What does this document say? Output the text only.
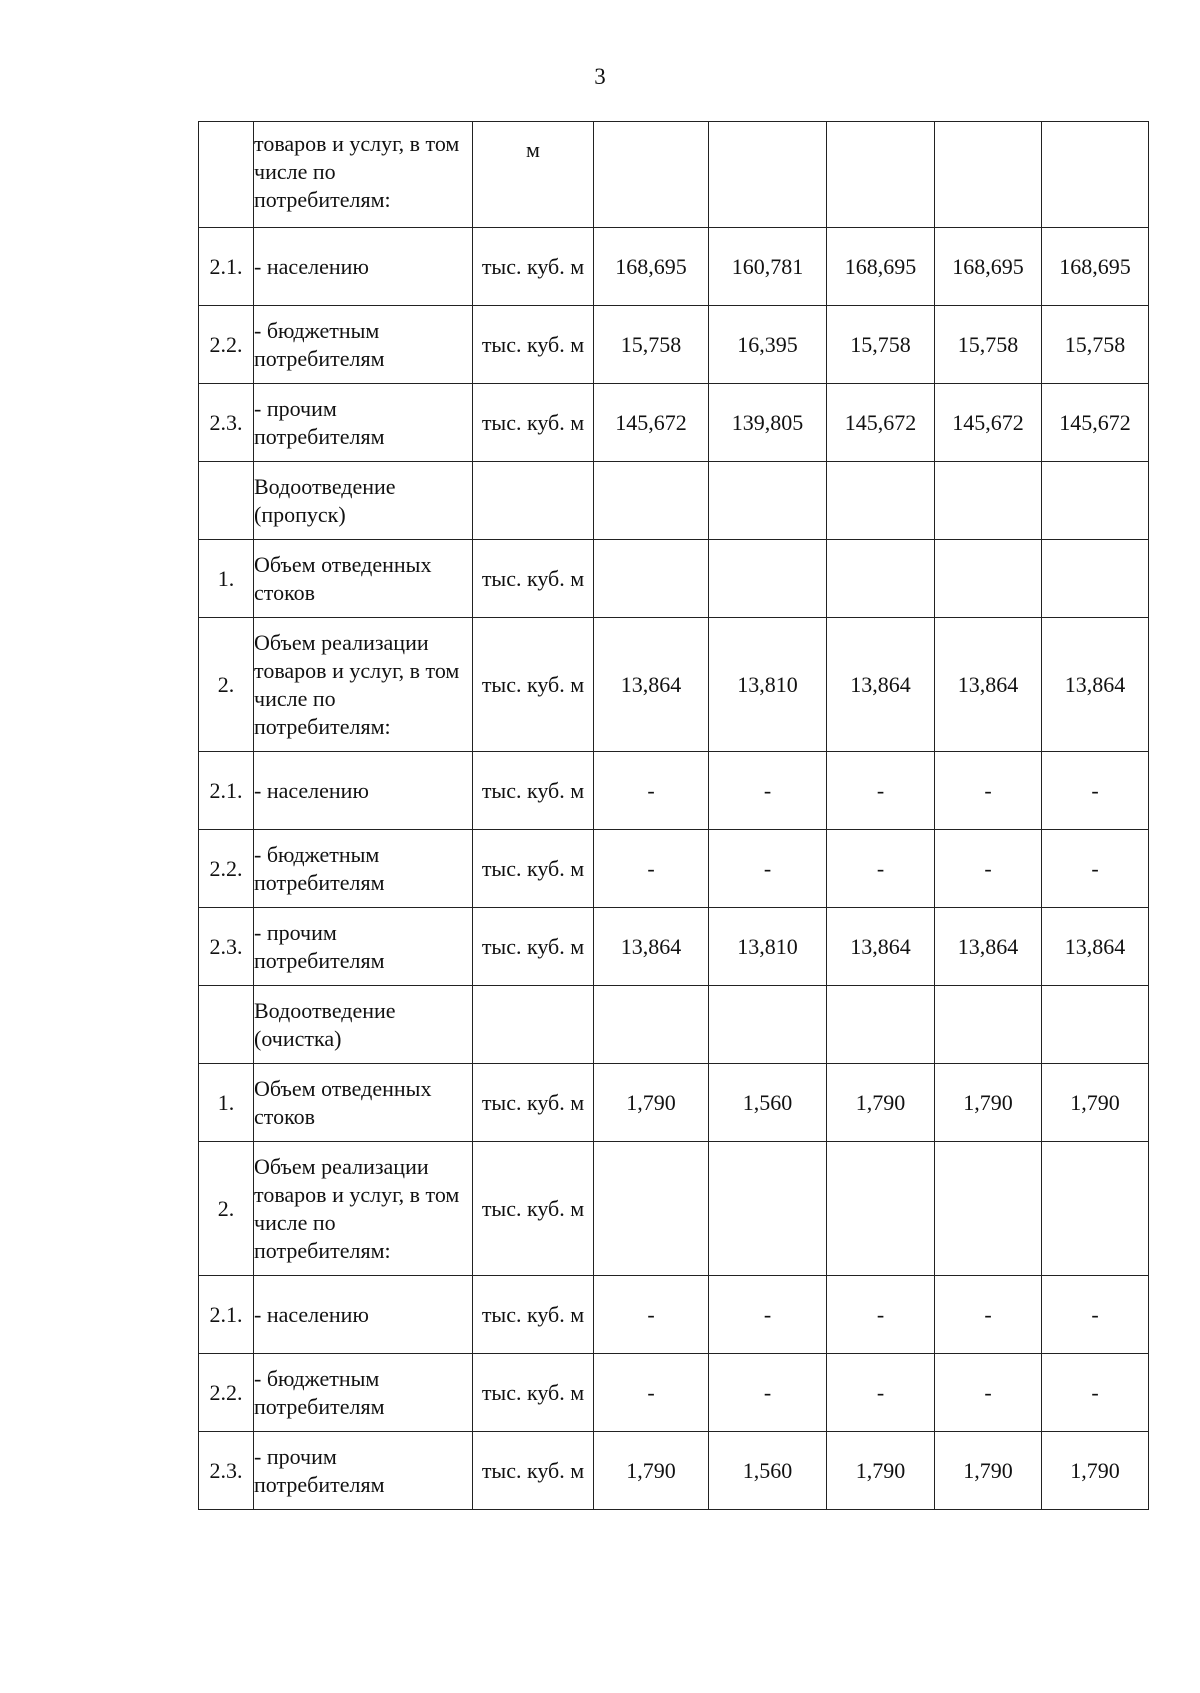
3
	товаров и услуг, в том числе по потребителям:	м					
2.1.	- населению	тыс. куб. м	168,695	160,781	168,695	168,695	168,695
2.2.	- бюджетным потребителям	тыс. куб. м	15,758	16,395	15,758	15,758	15,758
2.3.	- прочим потребителям	тыс. куб. м	145,672	139,805	145,672	145,672	145,672
	Водоотведение (пропуск)						
1.	Объем отведенных стоков	тыс. куб. м					
2.	Объем реализации товаров и услуг, в том числе по потребителям:	тыс. куб. м	13,864	13,810	13,864	13,864	13,864
2.1.	- населению	тыс. куб. м	-	-	-	-	-
2.2.	- бюджетным потребителям	тыс. куб. м	-	-	-	-	-
2.3.	- прочим потребителям	тыс. куб. м	13,864	13,810	13,864	13,864	13,864
	Водоотведение (очистка)						
1.	Объем отведенных стоков	тыс. куб. м	1,790	1,560	1,790	1,790	1,790
2.	Объем реализации товаров и услуг, в том числе по потребителям:	тыс. куб. м					
2.1.	- населению	тыс. куб. м	-	-	-	-	-
2.2.	- бюджетным потребителям	тыс. куб. м	-	-	-	-	-
2.3.	- прочим потребителям	тыс. куб. м	1,790	1,560	1,790	1,790	1,790
